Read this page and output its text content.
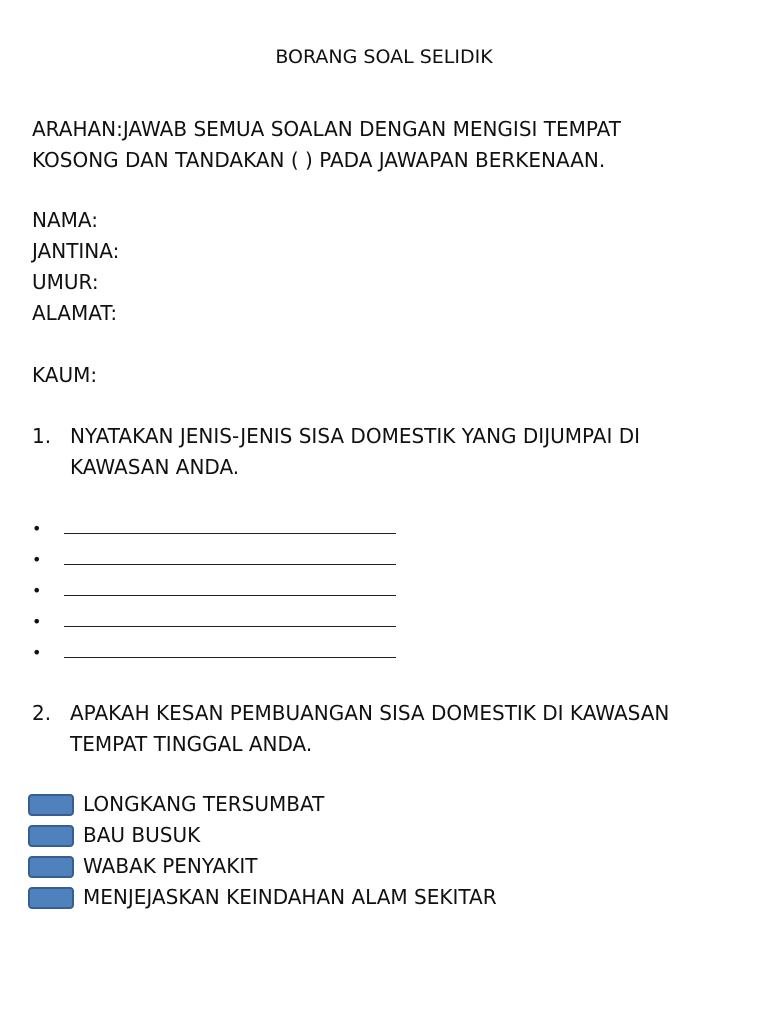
BORANG SOAL SELIDIK
ARAHAN:JAWAB SEMUA SOALAN DENGAN MENGISI TEMPAT
KOSONG DAN TANDAKAN ( ) PADA JAWAPAN BERKENAAN.
NAMA:
JANTINA:
UMUR:
ALAMAT:
KAUM:
1. NYATAKAN JENIS-JENIS SISA DOMESTIK YANG DIJUMPAI DI
KAWASAN ANDA.
•
•
•
•
•
2. APAKAH KESAN PEMBUANGAN SISA DOMESTIK DI KAWASAN
TEMPAT TINGGAL ANDA.
LONGKANG TERSUMBAT
BAU BUSUK
WABAK PENYAKIT
MENJEJASKAN KEINDAHAN ALAM SEKITAR
